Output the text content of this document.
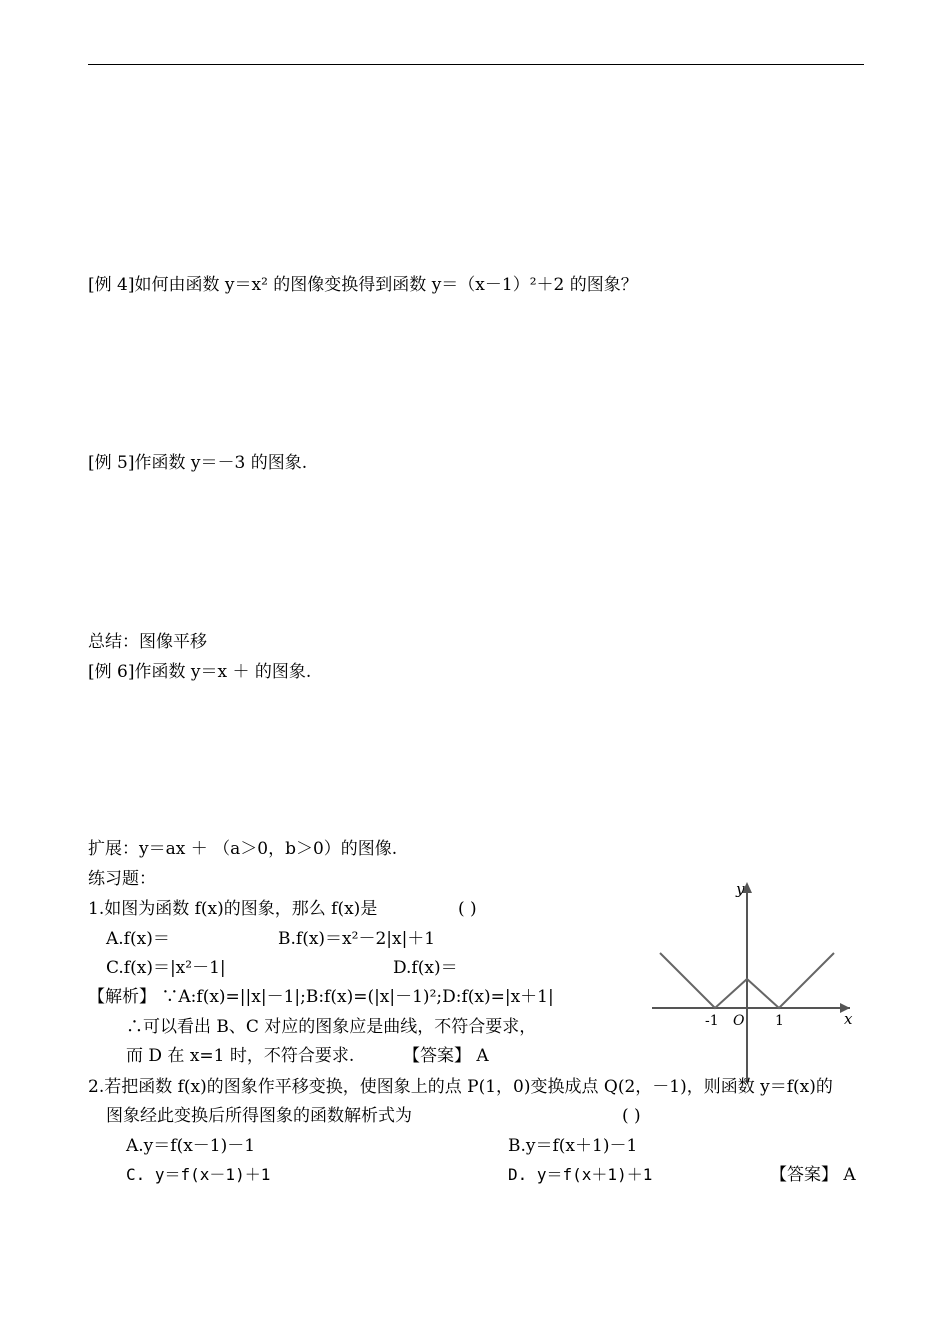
[例 4]如何由函数 y＝x² 的图像变换得到函数 y＝（x－1）²＋2 的图象？
[例 5]作函数 y＝－3 的图象.
总结：图像平移
[例 6]作函数 y＝x ＋ 的图象.
扩展：y＝ax ＋ （a＞0，b＞0）的图像.
练习题：
1.如图为函数 f(x)的图象，那么 f(x)是	( )
A.f(x)＝	B.f(x)＝x²－2|x|＋1
C.f(x)＝|x²－1|	D.f(x)＝
【解析】 ∵A:f(x)=||x|－1|;B:f(x)=(|x|－1)²;D:f(x)=|x＋1|
∴可以看出 B、C 对应的图象应是曲线，不符合要求，
而 D 在 x=1 时，不符合要求.	【答案】 A
y
x
O
-1	1
2.若把函数 f(x)的图象作平移变换，使图象上的点 P(1，0)变换成点 Q(2，－1)，则函数 y＝f(x)的
图象经此变换后所得图象的函数解析式为	( )
A.y＝f(x－1)－1	B.y＝f(x＋1)－1
C. y＝f(x－1)＋1	D. y＝f(x＋1)＋1	【答案】 A
